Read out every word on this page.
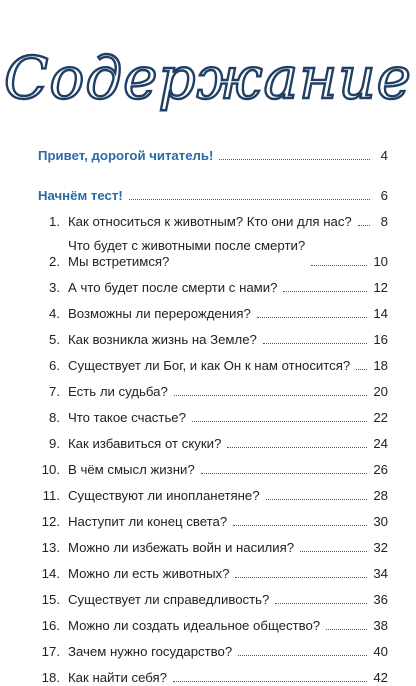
Содержание
Привет, дорогой читатель!	4
Начнём тест!	6
1. Как относиться к животным? Кто они для нас?	8
2.
Что будет с животными после смерти?
Мы встретимся?	10
3. А что будет после смерти с нами?	12
4. Возможны ли перерождения?	14
5. Как возникла жизнь на Земле?	16
6. Существует ли Бог, и как Он к нам относится? 18
7. Есть ли судьба?	20
8. Что такое счастье?	22
9. Как избавиться от скуки?	24
10. В чём смысл жизни?	26
11. Существуют ли инопланетяне?	28
12. Наступит ли конец света?	30
13. Можно ли избежать войн и насилия?	32
14. Можно ли есть животных?	34
15. Существует ли справедливость?	36
16. Можно ли создать идеальное общество?	38
17. Зачем нужно государство?	40
18. Как найти себя?	42
